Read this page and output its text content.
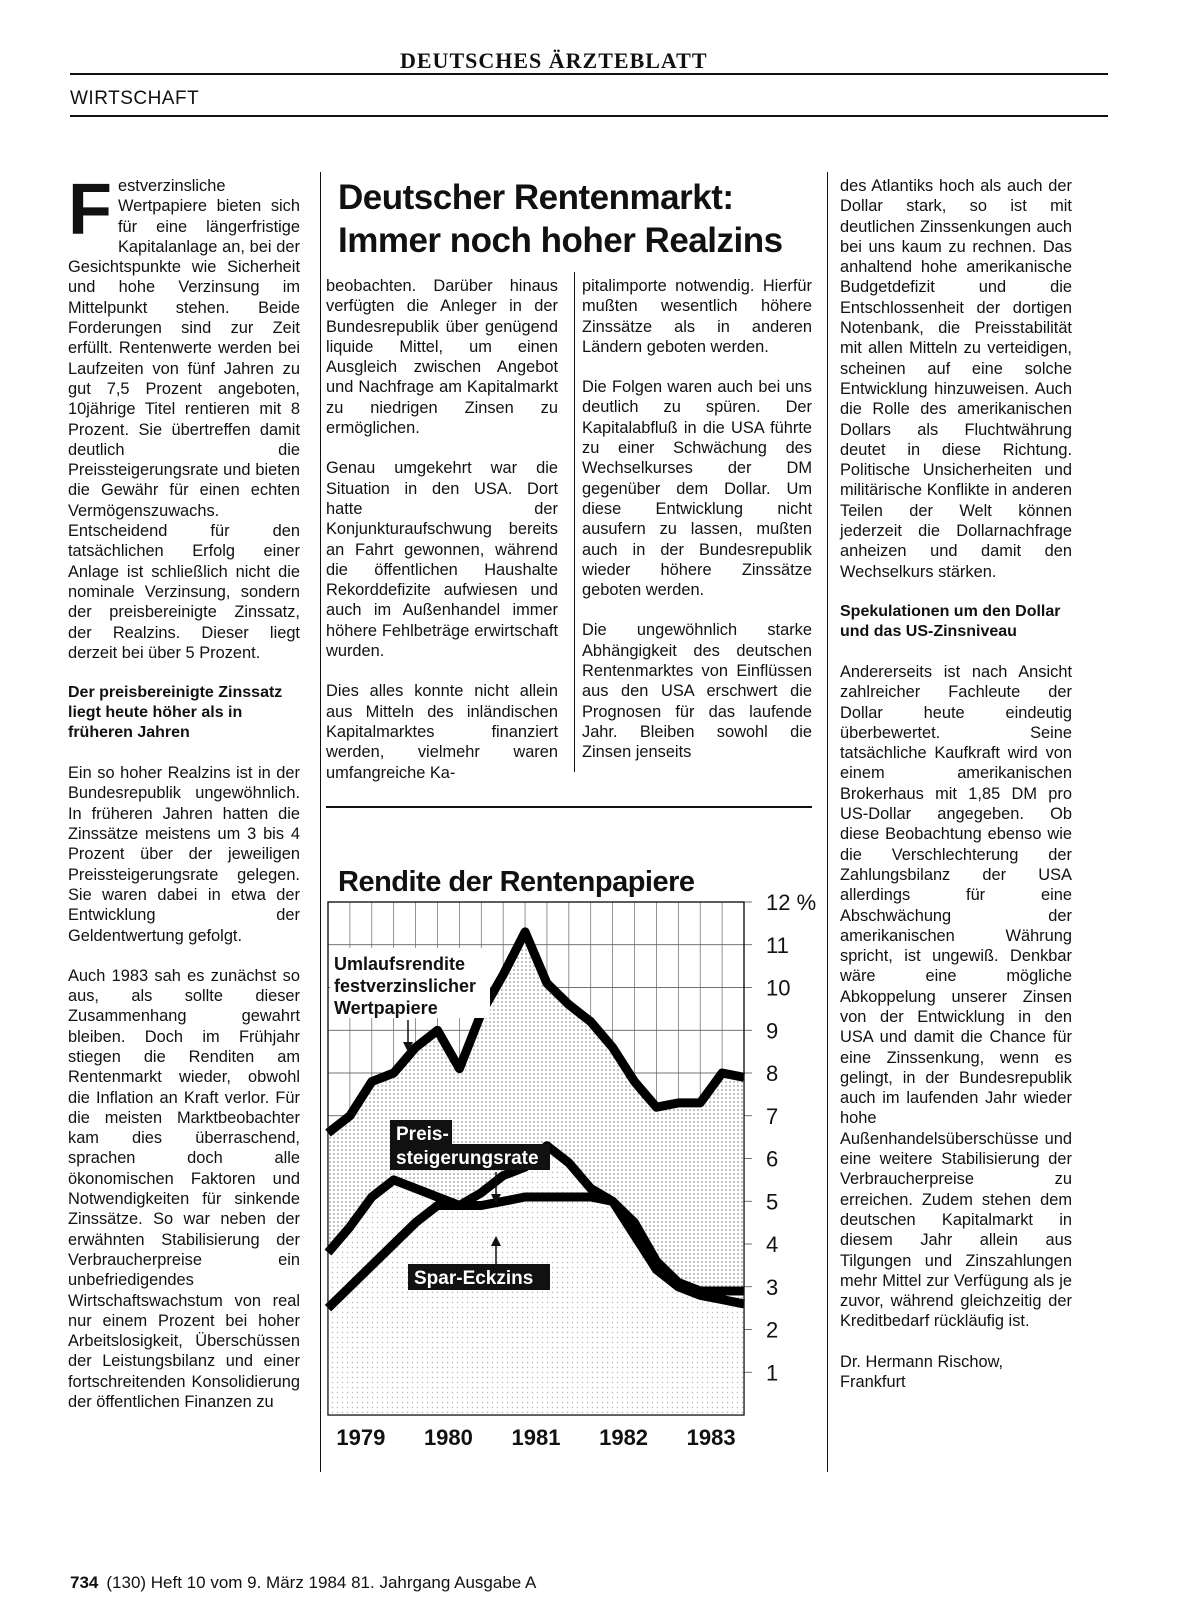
DEUTSCHES ÄRZTEBLATT
WIRTSCHAFT

Festverzinsliche Wertpapiere bieten sich für eine längerfristige Kapitalanlage an, bei der Gesichtspunkte wie Sicherheit und hohe Verzinsung im Mittelpunkt stehen. Beide Forderungen sind zur Zeit erfüllt. Rentenwerte werden bei Laufzeiten von fünf Jahren zu gut 7,5 Prozent angeboten, 10jährige Titel rentieren mit 8 Prozent. Sie übertreffen damit deutlich die Preissteigerungsrate und bieten die Gewähr für einen echten Vermögenszuwachs. Entscheidend für den tatsächlichen Erfolg einer Anlage ist schließlich nicht die nominale Verzinsung, sondern der preisbereinigte Zinssatz, der Realzins. Dieser liegt derzeit bei über 5 Prozent.

Der preisbereinigte Zinssatz liegt heute höher als in früheren Jahren

Ein so hoher Realzins ist in der Bundesrepublik ungewöhnlich. In früheren Jahren hatten die Zinssätze meistens um 3 bis 4 Prozent über der jeweiligen Preissteigerungsrate gelegen. Sie waren dabei in etwa der Entwicklung der Geldentwertung gefolgt.

Auch 1983 sah es zunächst so aus, als sollte dieser Zusammenhang gewahrt bleiben. Doch im Frühjahr stiegen die Renditen am Rentenmarkt wieder, obwohl die Inflation an Kraft verlor. Für die meisten Marktbeobachter kam dies überraschend, sprachen doch alle ökonomischen Faktoren und Notwendigkeiten für sinkende Zinssätze. So war neben der erwähnten Stabilisierung der Verbraucherpreise ein unbefriedigendes Wirtschaftswachstum von real nur einem Prozent bei hoher Arbeitslosigkeit, Überschüssen der Leistungsbilanz und einer fortschreitenden Konsolidierung der öffentlichen Finanzen zu

Deutscher Rentenmarkt:
Immer noch hoher Realzins

beobachten. Darüber hinaus verfügten die Anleger in der Bundesrepublik über genügend liquide Mittel, um einen Ausgleich zwischen Angebot und Nachfrage am Kapitalmarkt zu niedrigen Zinsen zu ermöglichen.

Genau umgekehrt war die Situation in den USA. Dort hatte der Konjunkturaufschwung bereits an Fahrt gewonnen, während die öffentlichen Haushalte Rekorddefizite aufwiesen und auch im Außenhandel immer höhere Fehlbeträge erwirtschaft wurden.

Dies alles konnte nicht allein aus Mitteln des inländischen Kapitalmarktes finanziert werden, vielmehr waren umfangreiche Ka-

pitalimporte notwendig. Hierfür mußten wesentlich höhere Zinssätze als in anderen Ländern geboten werden.

Die Folgen waren auch bei uns deutlich zu spüren. Der Kapitalabfluß in die USA führte zu einer Schwächung des Wechselkurses der DM gegenüber dem Dollar. Um diese Entwicklung nicht ausufern zu lassen, mußten auch in der Bundesrepublik wieder höhere Zinssätze geboten werden.

Die ungewöhnlich starke Abhängigkeit des deutschen Rentenmarktes von Einflüssen aus den USA erschwert die Prognosen für das laufende Jahr. Bleiben sowohl die Zinsen jenseits

des Atlantiks hoch als auch der Dollar stark, so ist mit deutlichen Zinssenkungen auch bei uns kaum zu rechnen. Das anhaltend hohe amerikanische Budgetdefizit und die Entschlossenheit der dortigen Notenbank, die Preisstabilität mit allen Mitteln zu verteidigen, scheinen auf eine solche Entwicklung hinzuweisen. Auch die Rolle des amerikanischen Dollars als Fluchtwährung deutet in diese Richtung. Politische Unsicherheiten und militärische Konflikte in anderen Teilen der Welt können jederzeit die Dollarnachfrage anheizen und damit den Wechselkurs stärken.

Spekulationen um den Dollar und das US-Zinsniveau

Andererseits ist nach Ansicht zahlreicher Fachleute der Dollar heute eindeutig überbewertet. Seine tatsächliche Kaufkraft wird von einem amerikanischen Brokerhaus mit 1,85 DM pro US-Dollar angegeben. Ob diese Beobachtung ebenso wie die Verschlechterung der Zahlungsbilanz der USA allerdings für eine Abschwächung der amerikanischen Währung spricht, ist ungewiß. Denkbar wäre eine mögliche Abkoppelung unserer Zinsen von der Entwicklung in den USA und damit die Chance für eine Zinssenkung, wenn es gelingt, in der Bundesrepublik auch im laufenden Jahr wieder hohe Außenhandelsüberschüsse und eine weitere Stabilisierung der Verbraucherpreise zu erreichen. Zudem stehen dem deutschen Kapitalmarkt in diesem Jahr allein aus Tilgungen und Zinszahlungen mehr Mittel zur Verfügung als je zuvor, während gleichzeitig der Kreditbedarf rückläufig ist.

Dr. Hermann Rischow,
Frankfurt
Rendite der Rentenpapiere
1
2
3
4
5
6
7
8
9
10
11
12 %
1979 1980 1981 1982 1983
Umlaufsrendite
festverzinslicher
Wertpapiere
Preis-
steigerungsrate
Spar-Eckzins
734 (130) Heft 10 vom 9. März 1984 81. Jahrgang Ausgabe A
